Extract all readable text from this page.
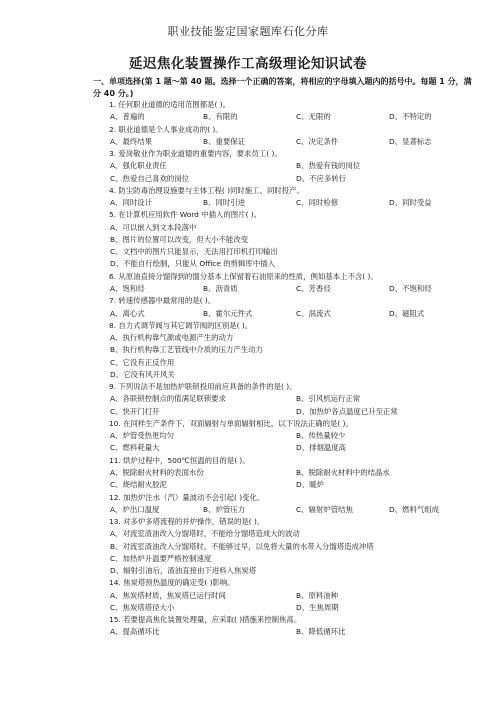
职业技能鉴定国家题库石化分库
延迟焦化装置操作工高级理论知识试卷
一、单项选择(第 1 题～第 40 题。选择一个正确的答案，将相应的字母填入题内的括号中。每题 1 分，满分 40 分。)
1. 任何职业道德的适用范围都是( )。
A、普遍的	B、有限的	C、无限的	D、不特定的
2. 职业道德是个人事业成功的( )。
A、最终结果	B、重要保证	C、决定条件	D、显著标志
3. 爱岗敬业作为职业道德的重要内容，要求员工( )。
A、强化职业责任	B、热爱有钱的岗位
C、热爱自己喜欢的岗位	D、不应多转行
4. 防尘防毒治理设施要与主体工程( )同时施工、同时投产。
A、同时设计	B、同时引进	C、同时检修	D、同时受益
5. 在计算机应用软件 Word 中插入的图片( )。
A、可以嵌入到文本段落中
B、图片的位置可以改变，但大小不能改变
C、文档中的图片只能显示，无法用打印机打印输出
D、不能自行绘制，只能从 Office 的剪辑库中插入
6. 从原油直接分馏得到的馏分基本上保留着石油原来的性质，例如基本上不含( )。
A、饱和烃	B、沥青质	C、芳香烃	D、不饱和烃
7. 转速传感器中最常用的是( )。
A、离心式	B、霍尔元件式	C、涡流式	D、磁阻式
8. 自力式调节阀与其它调节阀的区别是( )。
A、执行机构靠气源或电源产生的动力
B、执行机构靠工艺管线中介质的压力产生动力
C、它没有正反作用
D、它没有风开风关
9. 下列说法不是加热炉联锁投用前应具备的条件的是( )。
A、各联锁控制点的值满足联锁要求	B、引风机运行正常
C、快开门打开	D、加热炉各点温度已升至正常
10. 在同样生产条件下，双面辐射与单面辐射相比，以下说法正确的是( )。
A、炉管受热更均匀	B、传热量较少
C、燃料耗量大	D、排烟温度高
11. 烘炉过程中，500℃恒温的目的是( )。
A、脱除耐火材料的表面水份	B、脱除耐火材料中的结晶水
C、烧结耐火胶泥	D、暖炉
12. 加热炉注水（汽）量波动不会引起( )变化。
A、炉出口温度	B、炉管压力	C、辐射炉管结焦	D、燃料气组成
13. 对多炉多塔流程的并炉操作，错误的是( )。
A、对流室渣油改入分馏塔时，不能给分馏塔造成大的波动
B、对流室渣油改入分馏塔时，不能够过早，以免将大量的水带入分馏塔造成冲塔
C、加热炉升温要严格控制速度
D、辐射引油后，渣油直接由下进料入焦炭塔
14. 焦炭塔预热温度的确定受( )影响。
A、焦炭塔材质，焦炭塔已运行时间	B、原料油种
C、焦炭塔塔径大小	D、生焦周期
15. 若要提高焦化装置处理量，应采取( )措施来控制焦高。
A、提高循环比	B、降低循环比
